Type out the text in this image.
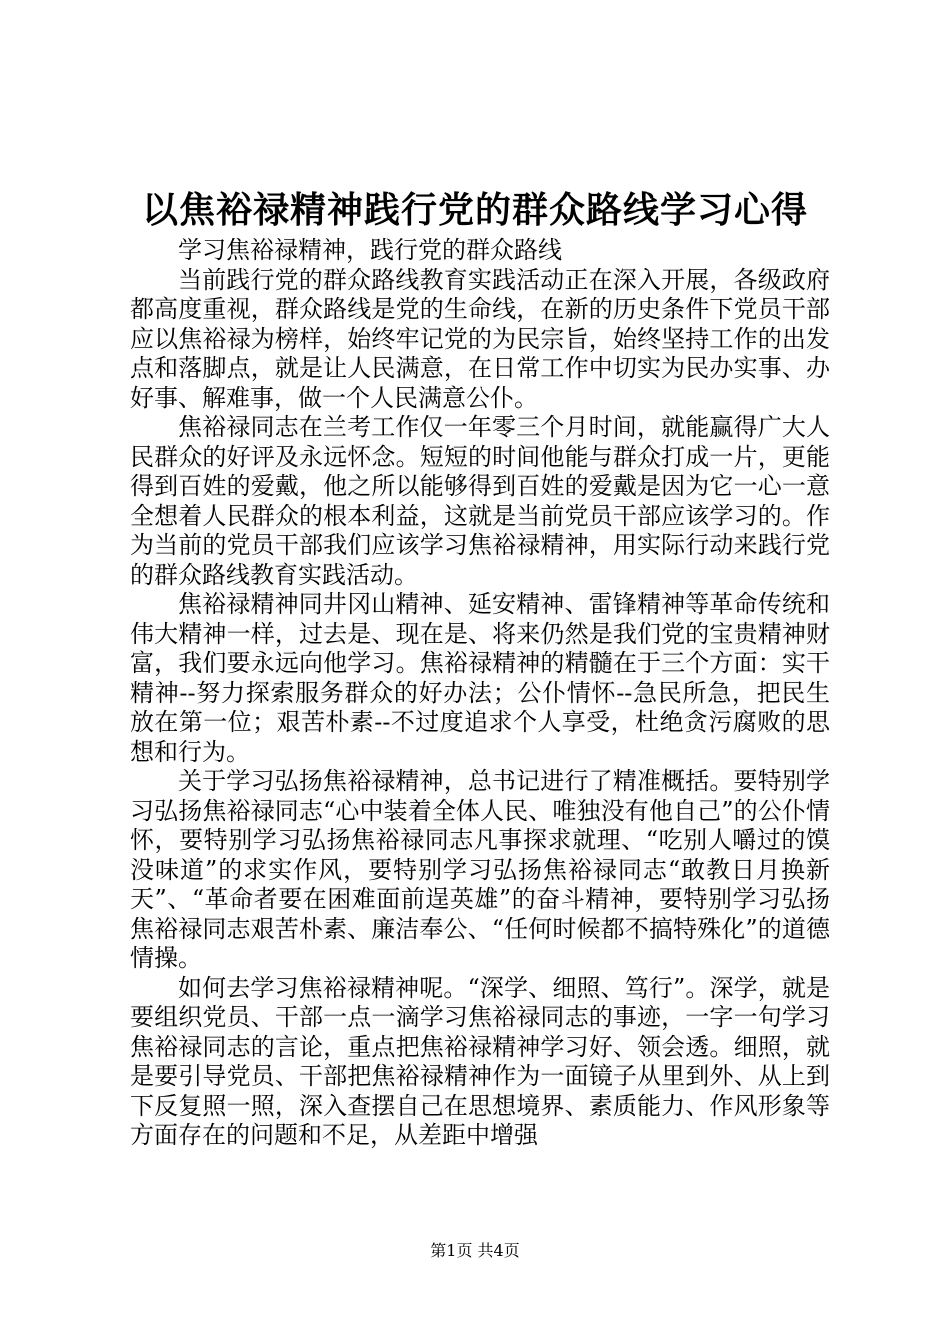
以焦裕禄精神践行党的群众路线学习心得

学习焦裕禄精神，践行党的群众路线

当前践行党的群众路线教育实践活动正在深入开展，各级政府都高度重视，群众路线是党的生命线，在新的历史条件下党员干部应以焦裕禄为榜样，始终牢记党的为民宗旨，始终坚持工作的出发点和落脚点，就是让人民满意，在日常工作中切实为民办实事、办好事、解难事，做一个人民满意公仆。

焦裕禄同志在兰考工作仅一年零三个月时间，就能赢得广大人民群众的好评及永远怀念。短短的时间他能与群众打成一片，更能得到百姓的爱戴，他之所以能够得到百姓的爱戴是因为它一心一意全想着人民群众的根本利益，这就是当前党员干部应该学习的。作为当前的党员干部我们应该学习焦裕禄精神，用实际行动来践行党的群众路线教育实践活动。

焦裕禄精神同井冈山精神、延安精神、雷锋精神等革命传统和伟大精神一样，过去是、现在是、将来仍然是我们党的宝贵精神财富，我们要永远向他学习。焦裕禄精神的精髓在于三个方面：实干精神--努力探索服务群众的好办法；公仆情怀--急民所急，把民生放在第一位；艰苦朴素--不过度追求个人享受，杜绝贪污腐败的思想和行为。

关于学习弘扬焦裕禄精神，总书记进行了精准概括。要特别学习弘扬焦裕禄同志“心中装着全体人民、唯独没有他自己”的公仆情怀，要特别学习弘扬焦裕禄同志凡事探求就理、“吃别人嚼过的馍没味道”的求实作风，要特别学习弘扬焦裕禄同志“敢教日月换新天”、“革命者要在困难面前逞英雄”的奋斗精神，要特别学习弘扬焦裕禄同志艰苦朴素、廉洁奉公、“任何时候都不搞特殊化”的道德情操。

如何去学习焦裕禄精神呢。“深学、细照、笃行”。深学，就是要组织党员、干部一点一滴学习焦裕禄同志的事迹，一字一句学习焦裕禄同志的言论，重点把焦裕禄精神学习好、领会透。细照，就是要引导党员、干部把焦裕禄精神作为一面镜子从里到外、从上到下反复照一照，深入查摆自己在思想境界、素质能力、作风形象等方面存在的问题和不足，从差距中增强

第1页 共4页
